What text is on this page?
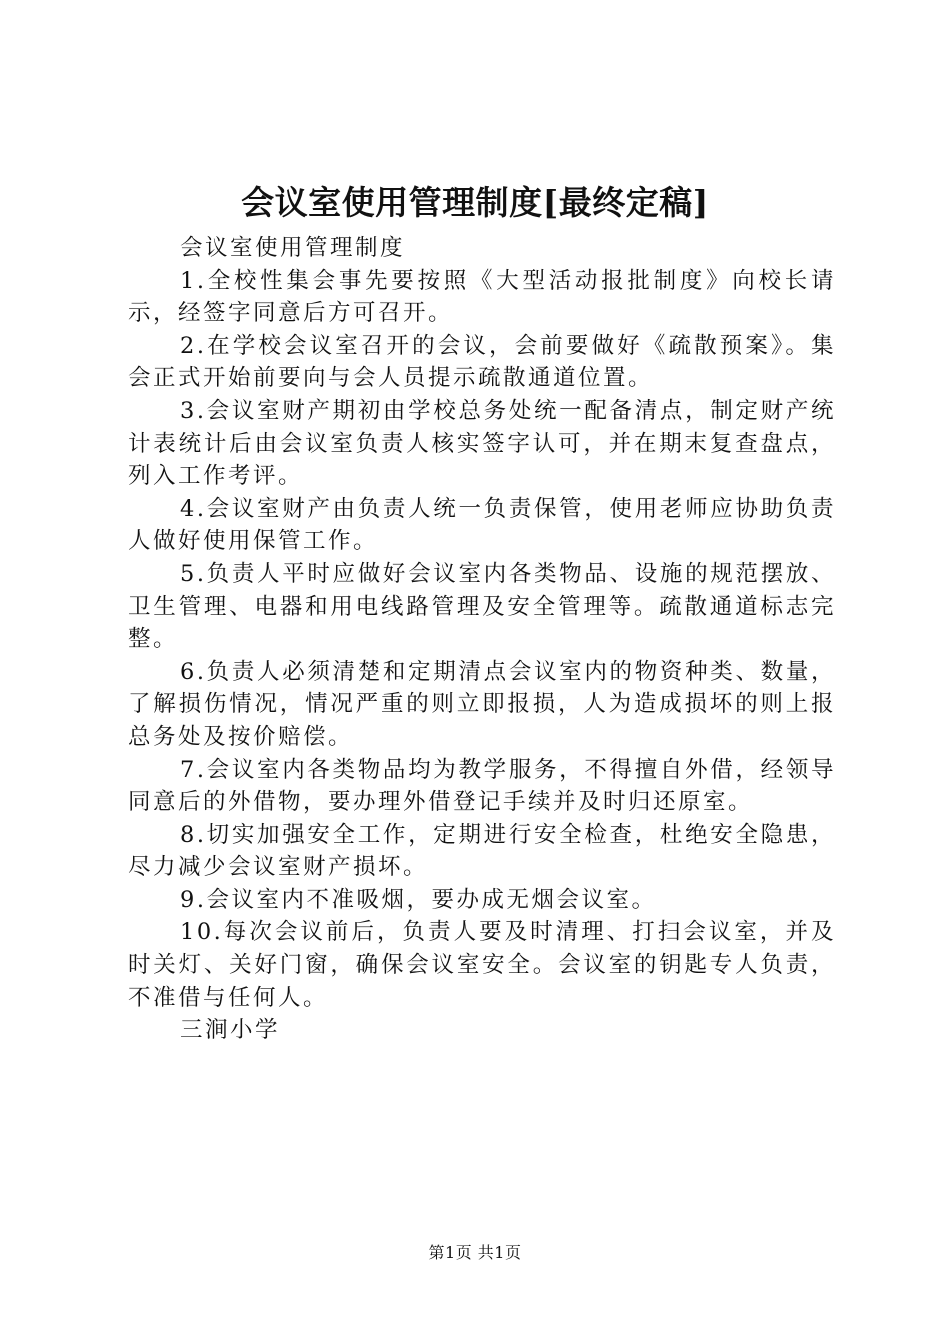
会议室使用管理制度[最终定稿]

会议室使用管理制度

1.全校性集会事先要按照《大型活动报批制度》向校长请示，经签字同意后方可召开。

2.在学校会议室召开的会议，会前要做好《疏散预案》。集会正式开始前要向与会人员提示疏散通道位置。

3.会议室财产期初由学校总务处统一配备清点，制定财产统计表统计后由会议室负责人核实签字认可，并在期末复查盘点，列入工作考评。

4.会议室财产由负责人统一负责保管，使用老师应协助负责人做好使用保管工作。

5.负责人平时应做好会议室内各类物品、设施的规范摆放、卫生管理、电器和用电线路管理及安全管理等。疏散通道标志完整。

6.负责人必须清楚和定期清点会议室内的物资种类、数量，了解损伤情况，情况严重的则立即报损，人为造成损坏的则上报总务处及按价赔偿。

7.会议室内各类物品均为教学服务，不得擅自外借，经领导同意后的外借物，要办理外借登记手续并及时归还原室。

8.切实加强安全工作，定期进行安全检查，杜绝安全隐患，尽力减少会议室财产损坏。

9.会议室内不准吸烟，要办成无烟会议室。

10.每次会议前后，负责人要及时清理、打扫会议室，并及时关灯、关好门窗，确保会议室安全。会议室的钥匙专人负责，不准借与任何人。

三涧小学

第1页 共1页
